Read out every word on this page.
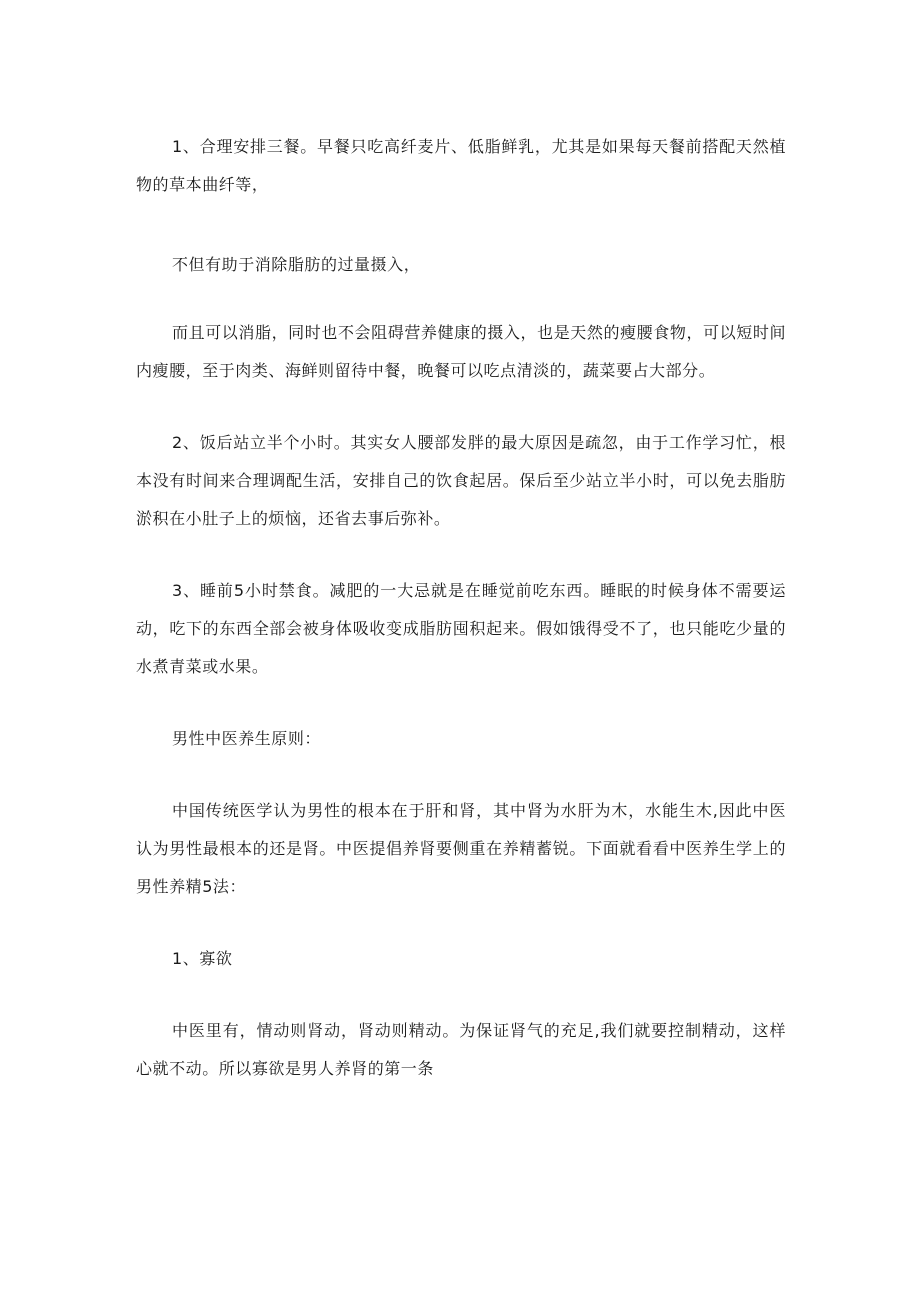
1、合理安排三餐。早餐只吃高纤麦片、低脂鲜乳，尤其是如果每天餐前搭配天然植物的草本曲纤等，

不但有助于消除脂肪的过量摄入，

而且可以消脂，同时也不会阻碍营养健康的摄入，也是天然的瘦腰食物，可以短时间内瘦腰，至于肉类、海鲜则留待中餐，晚餐可以吃点清淡的，蔬菜要占大部分。

2、饭后站立半个小时。其实女人腰部发胖的最大原因是疏忽，由于工作学习忙，根本没有时间来合理调配生活，安排自己的饮食起居。保后至少站立半小时，可以免去脂肪淤积在小肚子上的烦恼，还省去事后弥补。

3、睡前5小时禁食。减肥的一大忌就是在睡觉前吃东西。睡眠的时候身体不需要运动，吃下的东西全部会被身体吸收变成脂肪囤积起来。假如饿得受不了，也只能吃少量的水煮青菜或水果。

男性中医养生原则：

中国传统医学认为男性的根本在于肝和肾，其中肾为水肝为木，水能生木,因此中医认为男性最根本的还是肾。中医提倡养肾要侧重在养精蓄锐。下面就看看中医养生学上的男性养精5法：

1、寡欲

中医里有，情动则肾动，肾动则精动。为保证肾气的充足,我们就要控制精动，这样心就不动。所以寡欲是男人养肾的第一条
